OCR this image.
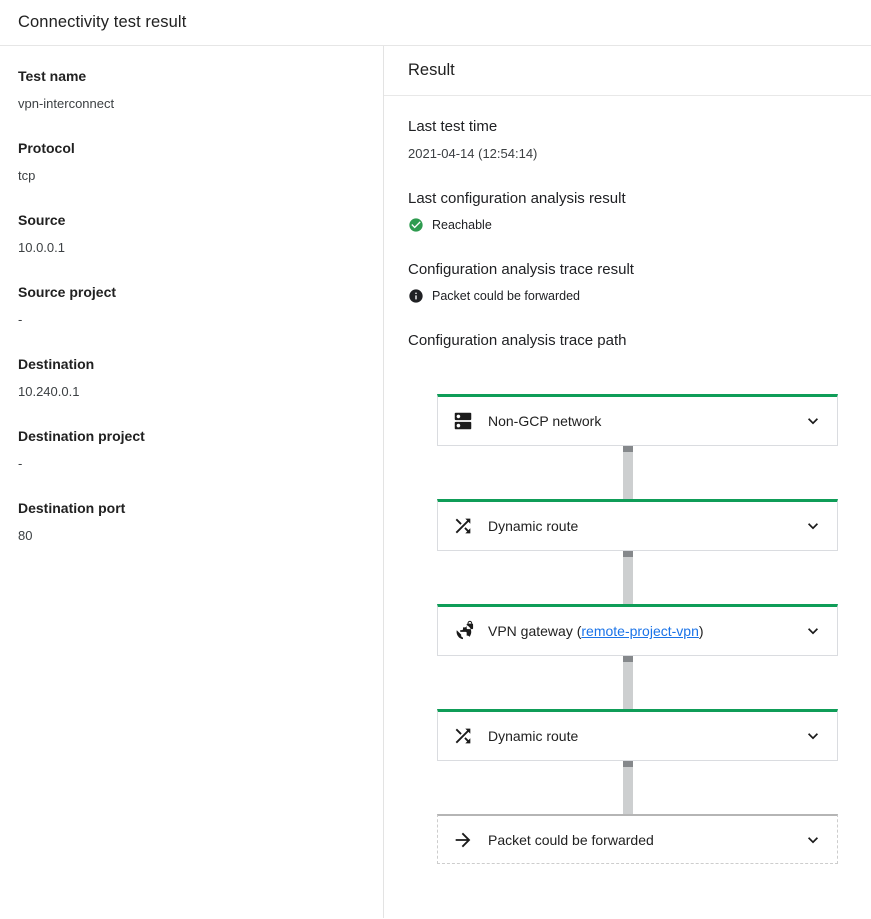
Connectivity test result
Test name
vpn-interconnect
Protocol
tcp
Source
10.0.0.1
Source project
-
Destination
10.240.0.1
Destination project
-
Destination port
80
Result
Last test time
2021-04-14 (12:54:14)
Last configuration analysis result
Reachable
Configuration analysis trace result
Packet could be forwarded
Configuration analysis trace path
Non-GCP network
Dynamic route
VPN gateway (remote-project-vpn)
Dynamic route
Packet could be forwarded
